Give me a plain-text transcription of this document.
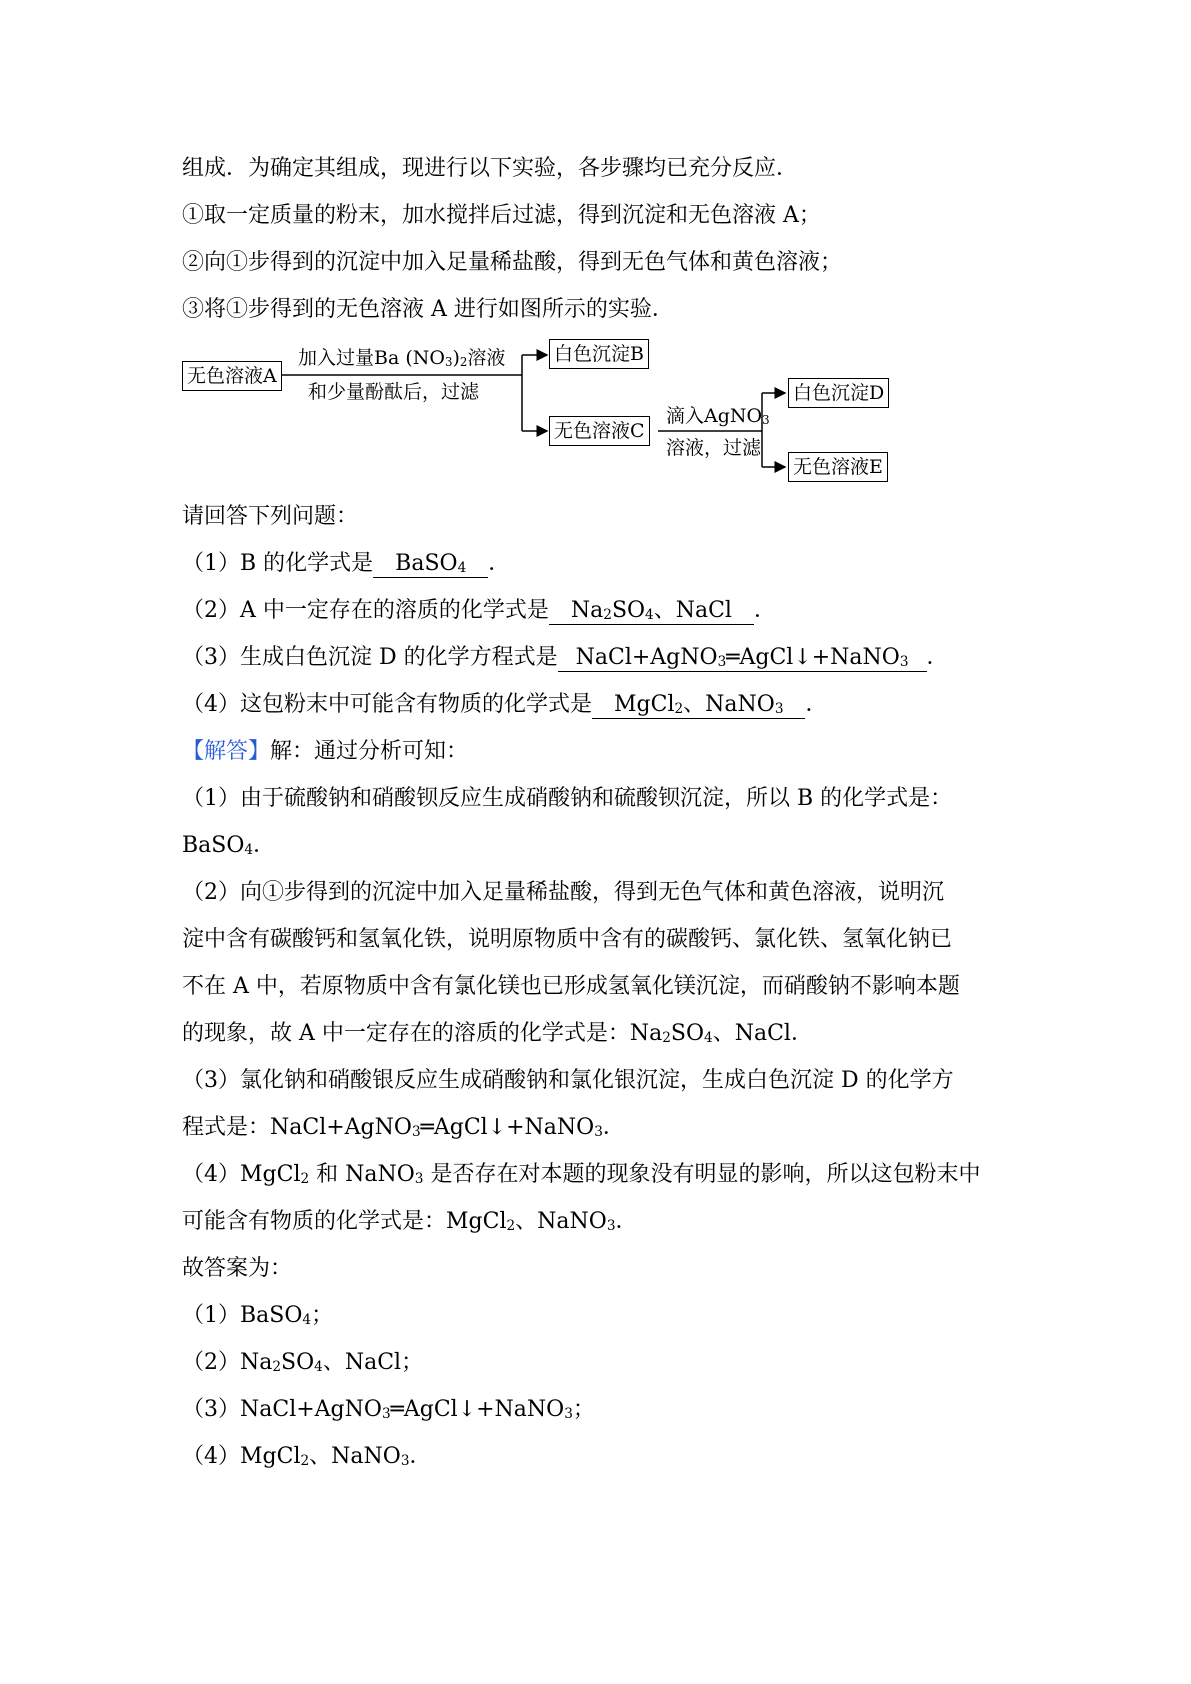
组成．为确定其组成，现进行以下实验，各步骤均已充分反应．
①取一定质量的粉末，加水搅拌后过滤，得到沉淀和无色溶液 A；
②向①步得到的沉淀中加入足量稀盐酸，得到无色气体和黄色溶液；
③将①步得到的无色溶液 A 进行如图所示的实验．
无色溶液A
白色沉淀B
无色溶液C
白色沉淀D
无色溶液E
加入过量Ba $(NO_3)_2$溶液
和少量酚酞后，过滤
滴入AgNO$_3$
溶液，过滤
请回答下列问题：
（1）B 的化学式是 BaSO$_4$ ．
（2）A 中一定存在的溶质的化学式是 $Na_2SO_4$、NaCl ．
（3）生成白色沉淀 D 的化学方程式是 NaCl+AgNO$_3$═AgCl↓+NaNO$_3$ ．
（4）这包粉末中可能含有物质的化学式是 MgCl$_2$、NaNO$_3$ ．
【解答】解：通过分析可知：
（1）由于硫酸钠和硝酸钡反应生成硝酸钠和硫酸钡沉淀，所以 B 的化学式是：
BaSO$_4$．
（2）向①步得到的沉淀中加入足量稀盐酸，得到无色气体和黄色溶液，说明沉
淀中含有碳酸钙和氢氧化铁，说明原物质中含有的碳酸钙、氯化铁、氢氧化钠已
不在 A 中，若原物质中含有氯化镁也已形成氢氧化镁沉淀，而硝酸钠不影响本题
的现象，故 A 中一定存在的溶质的化学式是：$Na_2SO_4$、NaCl．
（3）氯化钠和硝酸银反应生成硝酸钠和氯化银沉淀，生成白色沉淀 D 的化学方
程式是：NaCl+AgNO$_3$═AgCl↓+NaNO$_3$．
（4）MgCl$_2$ 和 NaNO$_3$ 是否存在对本题的现象没有明显的影响，所以这包粉末中
可能含有物质的化学式是：MgCl$_2$、NaNO$_3$．
故答案为：
（1）BaSO$_4$；
$(2)Na_2SO_4$、NaCl；
（3）NaCl+AgNO$_3$═AgCl↓+NaNO$_3$；
（4）MgCl$_2$、NaNO$_3$．
